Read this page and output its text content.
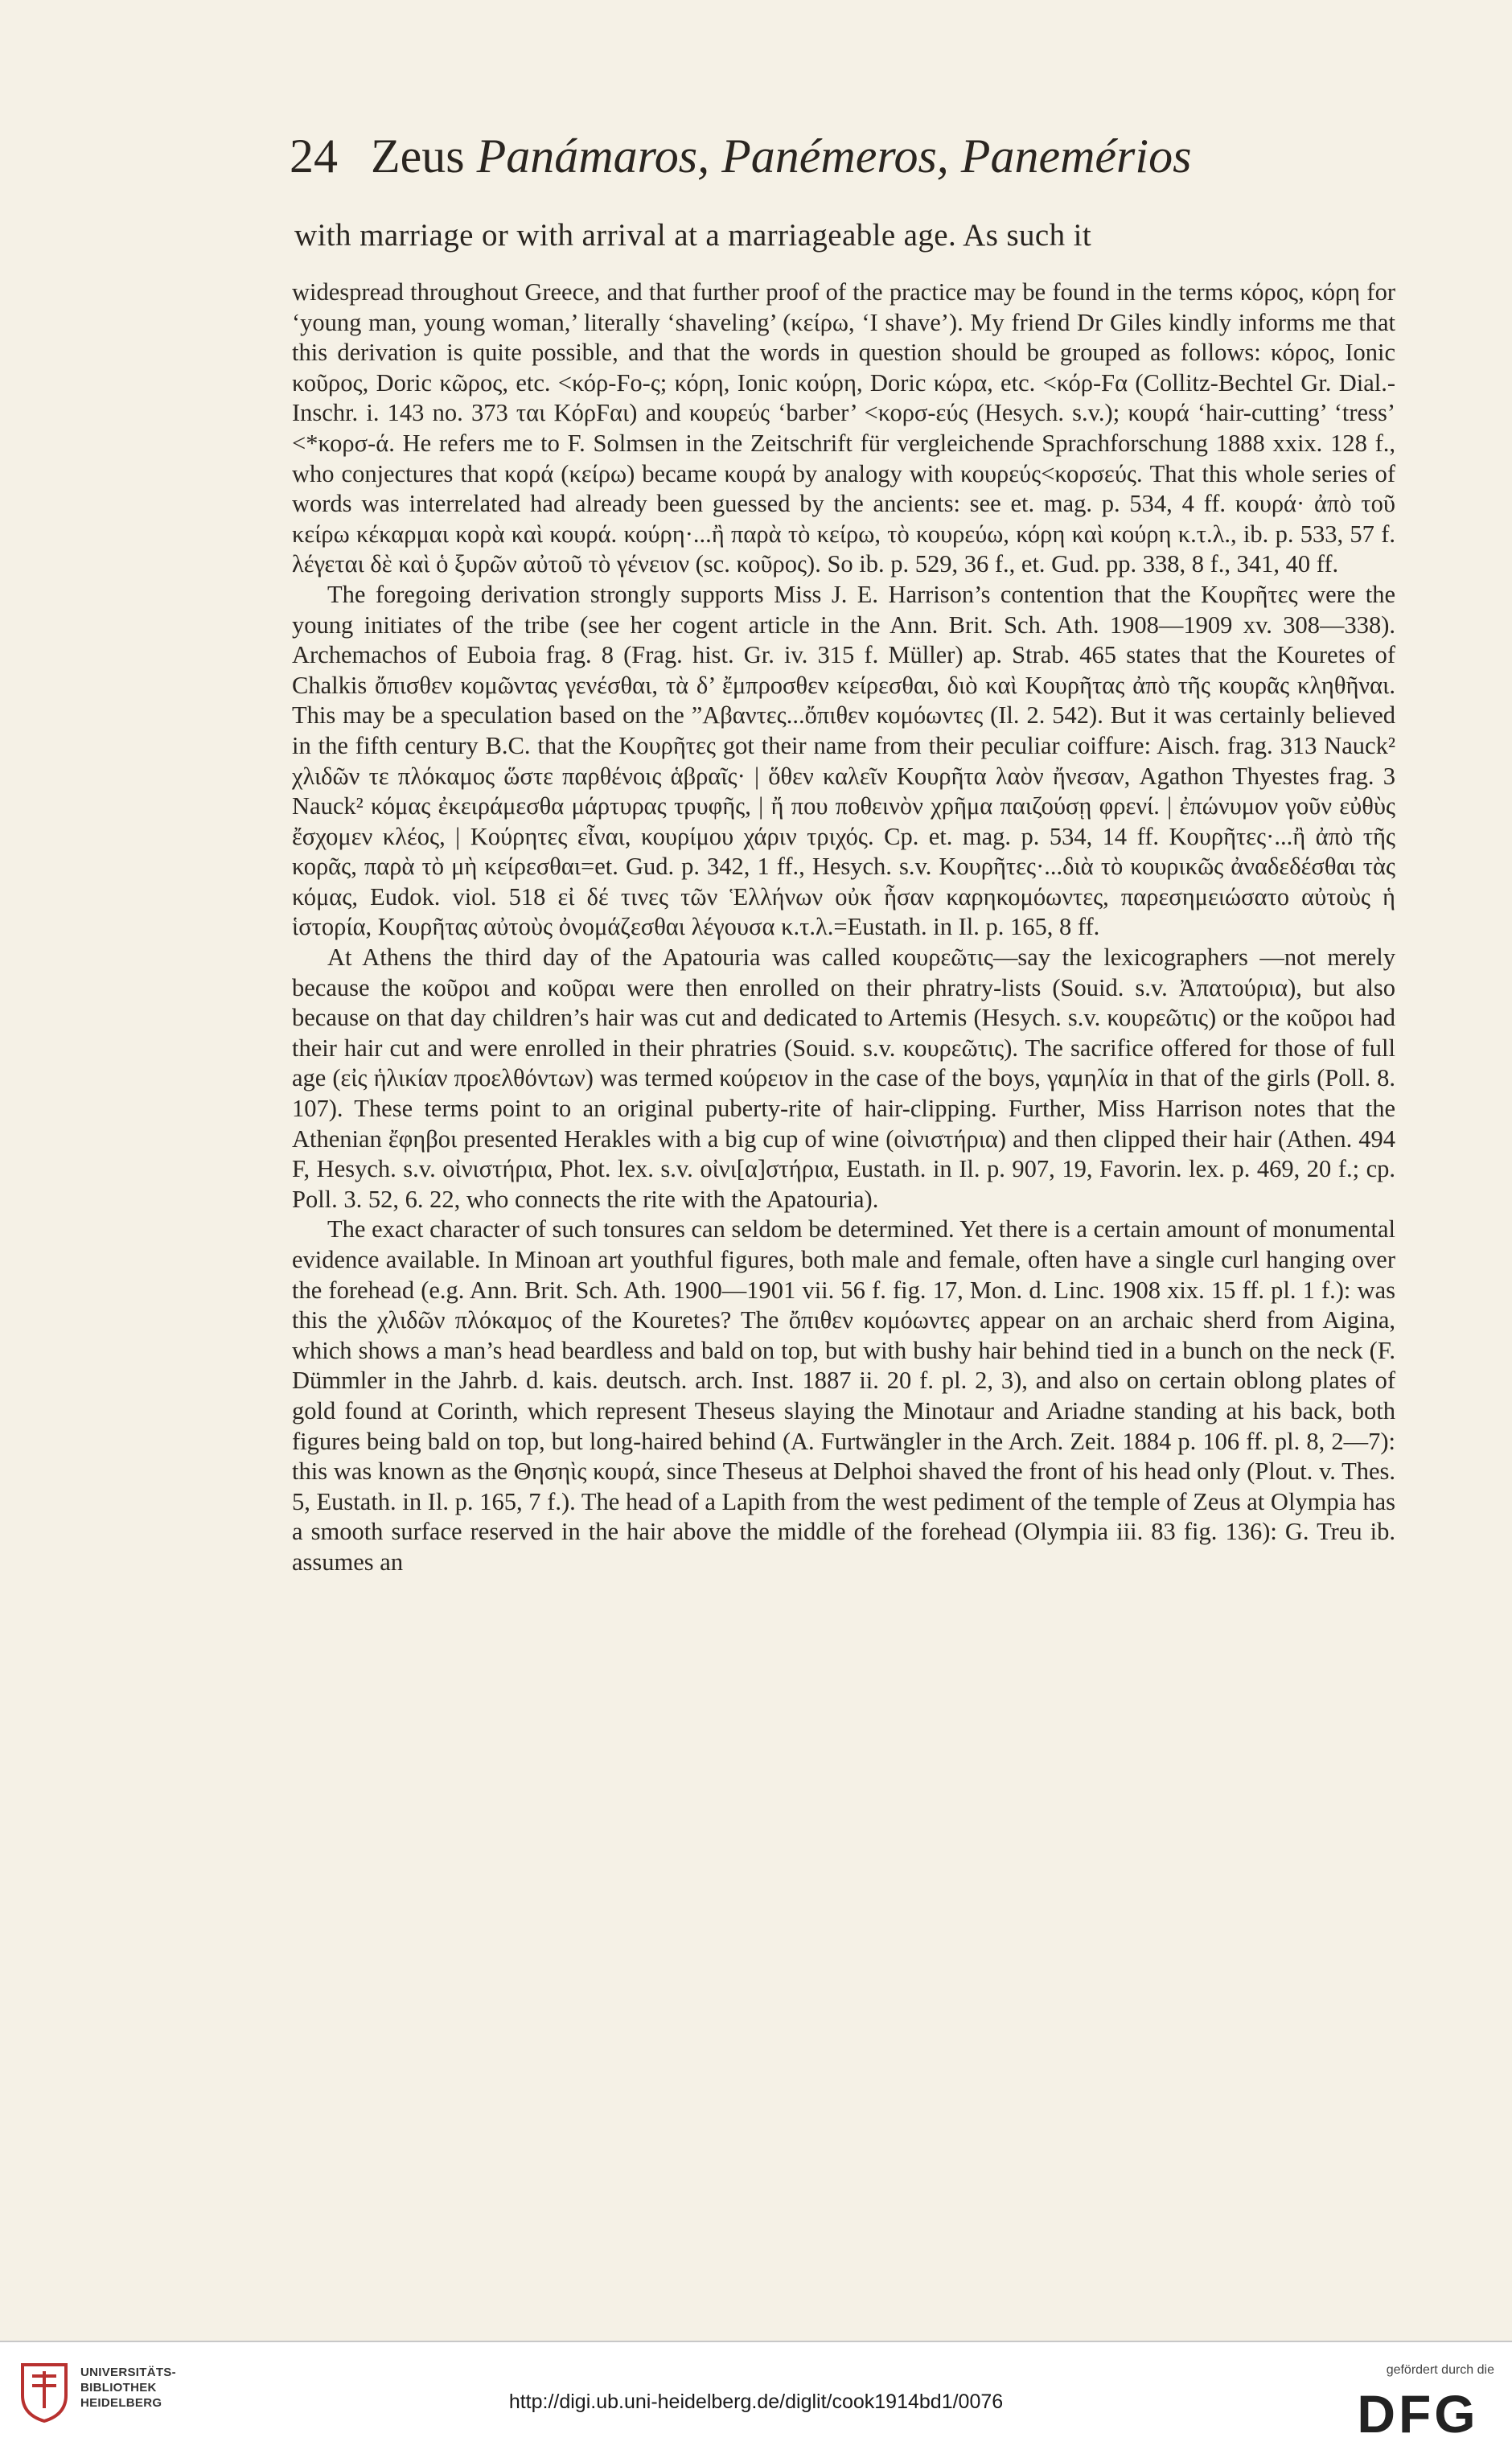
24 Zeus Panámaros, Panémeros, Panemérios
with marriage or with arrival at a marriageable age. As such it

widespread throughout Greece, and that further proof of the practice may be found in the terms κόρος, κόρη for ‘young man, young woman,’ literally ‘shaveling’ (κείρω, ‘I shave’). My friend Dr Giles kindly informs me that this derivation is quite possible, and that the words in question should be grouped as follows: κόρος, Ionic κοῦρος, Doric κῶρος, etc. <κόρ-Ϝο-ς; κόρη, Ionic κούρη, Doric κώρα, etc. <κόρ-Ϝα (Collitz-Bechtel Gr. Dial.-Inschr. i. 143 no. 373 ται ΚόρϜαι) and κουρεύς ‘barber’ <κορσ-εύς (Hesych. s.v.); κουρά ‘hair-cutting’ ‘tress’ <*κορσ-ά. He refers me to F. Solmsen in the Zeitschrift für vergleichende Sprachforschung 1888 xxix. 128 f., who conjectures that κορά (κείρω) became κουρά by analogy with κουρεύς<κορσεύς. That this whole series of words was interrelated had already been guessed by the ancients: see et. mag. p. 534, 4 ff. κουρά· ἀπὸ τοῦ κείρω κέκαρμαι κορὰ καὶ κουρά. κούρη·...ἢ παρὰ τὸ κείρω, τὸ κουρεύω, κόρη καὶ κούρη κ.τ.λ., ib. p. 533, 57 f. λέγεται δὲ καὶ ὁ ξυρῶν αὐτοῦ τὸ γένειον (sc. κοῦρος). So ib. p. 529, 36 f., et. Gud. pp. 338, 8 f., 341, 40 ff.

The foregoing derivation strongly supports Miss J. E. Harrison’s contention that the Κουρῆτες were the young initiates of the tribe (see her cogent article in the Ann. Brit. Sch. Ath. 1908—1909 xv. 308—338). Archemachos of Euboia frag. 8 (Frag. hist. Gr. iv. 315 f. Müller) ap. Strab. 465 states that the Kouretes of Chalkis ὄπισθεν κομῶντας γενέσθαι, τὰ δ’ ἔμπροσθεν κείρεσθαι, διὸ καὶ Κουρῆτας ἀπὸ τῆς κουρᾶς κληθῆναι. This may be a speculation based on the ”Αβαντες...ὄπιθεν κομόωντες (Il. 2. 542). But it was certainly believed in the fifth century B.C. that the Κουρῆτες got their name from their peculiar coiffure: Aisch. frag. 313 Nauck² χλιδῶν τε πλόκαμος ὥστε παρθένοις ἁβραῖς· | ὅθεν καλεῖν Κουρῆτα λαὸν ἤνεσαν, Agathon Thyestes frag. 3 Nauck² κόμας ἐκειράμεσθα μάρτυρας τρυφῆς, | ἤ που ποθεινὸν χρῆμα παιζούσῃ φρενί. | ἐπώνυμον γοῦν εὐθὺς ἔσχομεν κλέος, | Κούρητες εἶναι, κουρίμου χάριν τριχός. Cp. et. mag. p. 534, 14 ff. Κουρῆτες·...ἢ ἀπὸ τῆς κορᾶς, παρὰ τὸ μὴ κείρεσθαι=et. Gud. p. 342, 1 ff., Hesych. s.v. Κουρῆτες·...διὰ τὸ κουρικῶς ἀναδεδέσθαι τὰς κόμας, Eudok. viol. 518 εἰ δέ τινες τῶν Ἑλλήνων οὐκ ἦσαν καρηκομόωντες, παρεσημειώσατο αὐτοὺς ἡ ἱστορία, Κουρῆτας αὐτοὺς ὀνομάζεσθαι λέγουσα κ.τ.λ.=Eustath. in Il. p. 165, 8 ff.

At Athens the third day of the Apatouria was called κουρεῶτις—say the lexicographers —not merely because the κοῦροι and κοῦραι were then enrolled on their phratry-lists (Souid. s.v. Ἀπατούρια), but also because on that day children’s hair was cut and dedicated to Artemis (Hesych. s.v. κουρεῶτις) or the κοῦροι had their hair cut and were enrolled in their phratries (Souid. s.v. κουρεῶτις). The sacrifice offered for those of full age (εἰς ἡλικίαν προελθόντων) was termed κούρειον in the case of the boys, γαμηλία in that of the girls (Poll. 8. 107). These terms point to an original puberty-rite of hair-clipping. Further, Miss Harrison notes that the Athenian ἔφηβοι presented Herakles with a big cup of wine (οἰνιστήρια) and then clipped their hair (Athen. 494 F, Hesych. s.v. οἰνιστήρια, Phot. lex. s.v. οἰνι[α]στήρια, Eustath. in Il. p. 907, 19, Favorin. lex. p. 469, 20 f.; cp. Poll. 3. 52, 6. 22, who connects the rite with the Apatouria).

The exact character of such tonsures can seldom be determined. Yet there is a certain amount of monumental evidence available. In Minoan art youthful figures, both male and female, often have a single curl hanging over the forehead (e.g. Ann. Brit. Sch. Ath. 1900—1901 vii. 56 f. fig. 17, Mon. d. Linc. 1908 xix. 15 ff. pl. 1 f.): was this the χλιδῶν πλόκαμος of the Kouretes? The ὄπιθεν κομόωντες appear on an archaic sherd from Aigina, which shows a man’s head beardless and bald on top, but with bushy hair behind tied in a bunch on the neck (F. Dümmler in the Jahrb. d. kais. deutsch. arch. Inst. 1887 ii. 20 f. pl. 2, 3), and also on certain oblong plates of gold found at Corinth, which represent Theseus slaying the Minotaur and Ariadne standing at his back, both figures being bald on top, but long-haired behind (A. Furtwängler in the Arch. Zeit. 1884 p. 106 ff. pl. 8, 2—7): this was known as the Θησηὶς κουρά, since Theseus at Delphoi shaved the front of his head only (Plout. v. Thes. 5, Eustath. in Il. p. 165, 7 f.). The head of a Lapith from the west pediment of the temple of Zeus at Olympia has a smooth surface reserved in the hair above the middle of the forehead (Olympia iii. 83 fig. 136): G. Treu ib. assumes an

UNIVERSITÄTS-
BIBLIOTHEK
HEIDELBERG	http://digi.ub.uni-heidelberg.de/diglit/cook1914bd1/0076
gefördert durch die
DFG
